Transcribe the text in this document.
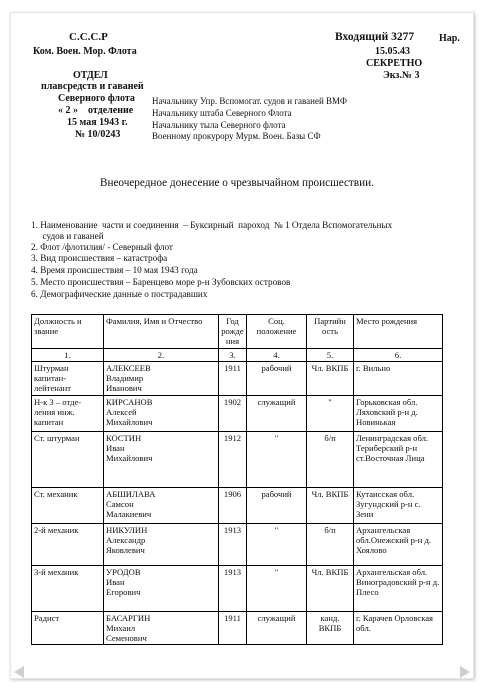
С.С.С.Р
Ком. Воен. Мор. Флота
ОТДЕЛ
плавсредств и гаваней
Северного флота
« 2 »    отделение
15 мая 1943 г.
№ 10/0243
Входящий 3277 Нар.
15.05.43
СЕКРЕТНО
Экз.№ 3
Начальнику Упр. Вспомогат. судов и гаваней ВМФ
Начальнику штаба Северного Флота
Начальнику тыла Северного флота
Военному прокурору Мурм. Воен. Базы СФ
Внеочередное донесение о чрезвычайном происшествии.
1. Наименование  части и соединения  – Буксирный  пароход  № 1 Отдела Вспомогательных
судов и гаваней
2. Флот /флотилия/ - Северный флот
3. Вид происшествия – катастрофа
4. Время происшествия – 10 мая 1943 года
5. Место происшествия – Баренцево море р-н Зубовских островов
6. Демографические данные о пострадавших
Должность и звание	Фамилия, Имя и Отчество	Год рожде ния	Соц. положение	Партийн ость	Место рождения
1.	2.	3.	4.	5.	6.
Штурман капитан-лейтенант	АЛЕКСЕЕВ
Владимир
Иванович	1911	рабочий	Чл. ВКПБ	г. Вильно
Н-к 3 – отде-ления инж. капитан	КИРСАНОВ
Алексей
Михайлович	1902	служащий	"	Горьковская обл. Ляховский р-н д. Новинькая
Ст. штурман	КОСТИН
Иван
Михайлович	1912	"	б/п	Ленинградская обл. Териберский р-н ст.Восточная Лица
Ст. механик	АБШИЛАВА
Самсон
Малакиевич	1906	рабочий	Чл. ВКПБ	Кутаисская обл. Зугундский р-н с. Зени
2-й механик	НИКУЛИН
Александр
Яковлевич	1913	"	б/п	Архангельская обл.Онежский р-н д. Хоялово
3-й механик	УРОДОВ
Иван
Егорович	1913	"	Чл. ВКПБ	Архангельская обл. Виноградовский р-н д. Плесо
Радист	БАСАРГИН
Михаил
Семенович	1911	служащий	канд. ВКПБ	г. Карачев Орловская обл.
